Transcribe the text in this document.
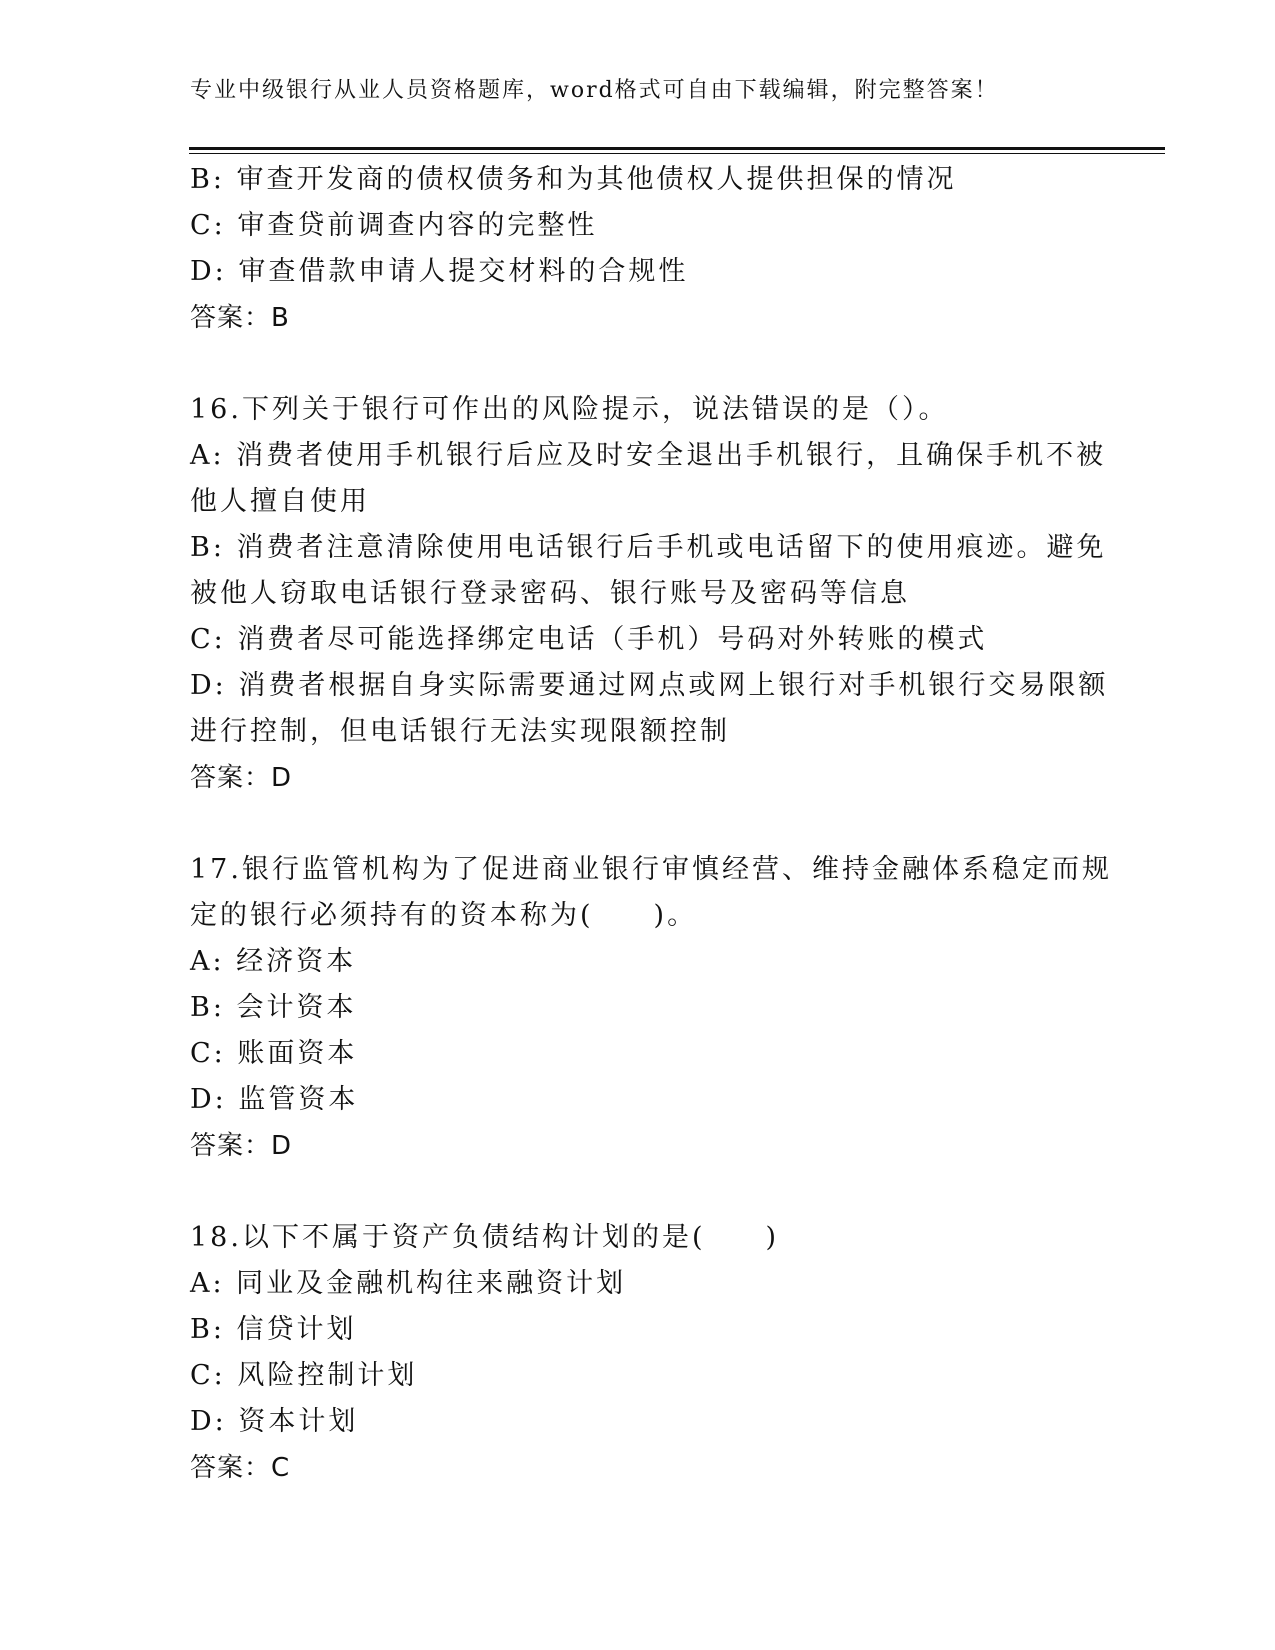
专业中级银行从业人员资格题库，word格式可自由下载编辑，附完整答案！
B: 审查开发商的债权债务和为其他债权人提供担保的情况
C: 审查贷前调查内容的完整性
D: 审查借款申请人提交材料的合规性
答案：B
16.下列关于银行可作出的风险提示，说法错误的是（）。
A: 消费者使用手机银行后应及时安全退出手机银行，且确保手机不被
他人擅自使用
B: 消费者注意清除使用电话银行后手机或电话留下的使用痕迹。避免
被他人窃取电话银行登录密码、银行账号及密码等信息
C: 消费者尽可能选择绑定电话（手机）号码对外转账的模式
D: 消费者根据自身实际需要通过网点或网上银行对手机银行交易限额
进行控制，但电话银行无法实现限额控制
答案：D
17.银行监管机构为了促进商业银行审慎经营、维持金融体系稳定而规
定的银行必须持有的资本称为(　　)。
A: 经济资本
B: 会计资本
C: 账面资本
D: 监管资本
答案：D
18.以下不属于资产负债结构计划的是(　　)
A: 同业及金融机构往来融资计划
B: 信贷计划
C: 风险控制计划
D: 资本计划
答案：C
